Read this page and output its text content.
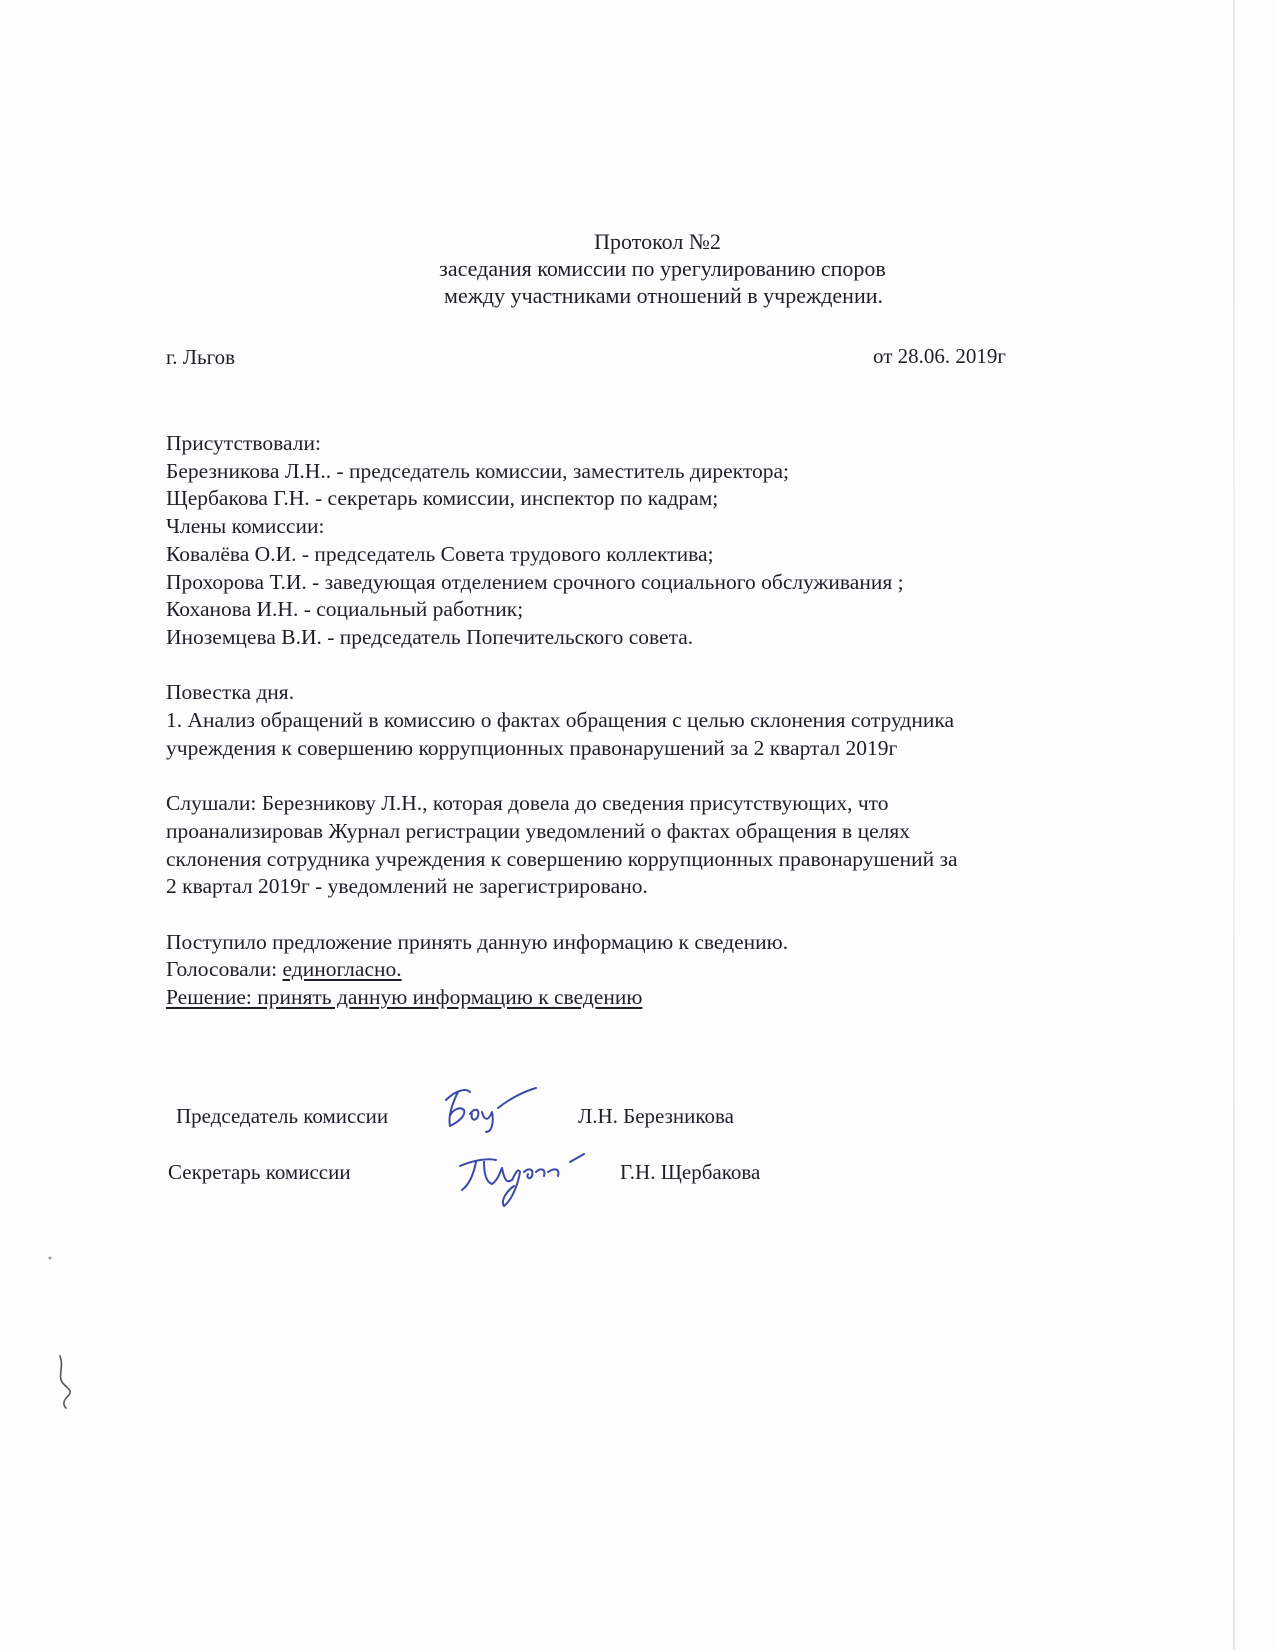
Протокол №2
заседания комиссии по урегулированию споров
между участниками отношений в учреждении.
г. Льгов	от 28.06. 2019г
Присутствовали:
Березникова Л.Н.. - председатель комиссии, заместитель директора;
Щербакова Г.Н. - секретарь комиссии, инспектор по кадрам;
Члены комиссии:
Ковалёва О.И. - председатель Совета трудового коллектива;
Прохорова Т.И. - заведующая отделением срочного социального обслуживания ;
Коханова И.Н. - социальный работник;
Иноземцева В.И. - председатель Попечительского совета.
Повестка дня.
1. Анализ обращений в комиссию о фактах обращения с целью склонения сотрудника
учреждения к совершению коррупционных правонарушений за 2 квартал 2019г
Слушали: Березникову Л.Н., которая довела до сведения присутствующих, что
проанализировав Журнал регистрации уведомлений о фактах обращения в целях
склонения сотрудника учреждения к совершению коррупционных правонарушений за
2 квартал 2019г - уведомлений не зарегистрировано.
Поступило предложение принять данную информацию к сведению.
Голосовали: единогласно.
Решение: принять данную информацию к сведению
Председатель комиссии	Л.Н. Березникова
Секретарь комиссии	Г.Н. Щербакова
